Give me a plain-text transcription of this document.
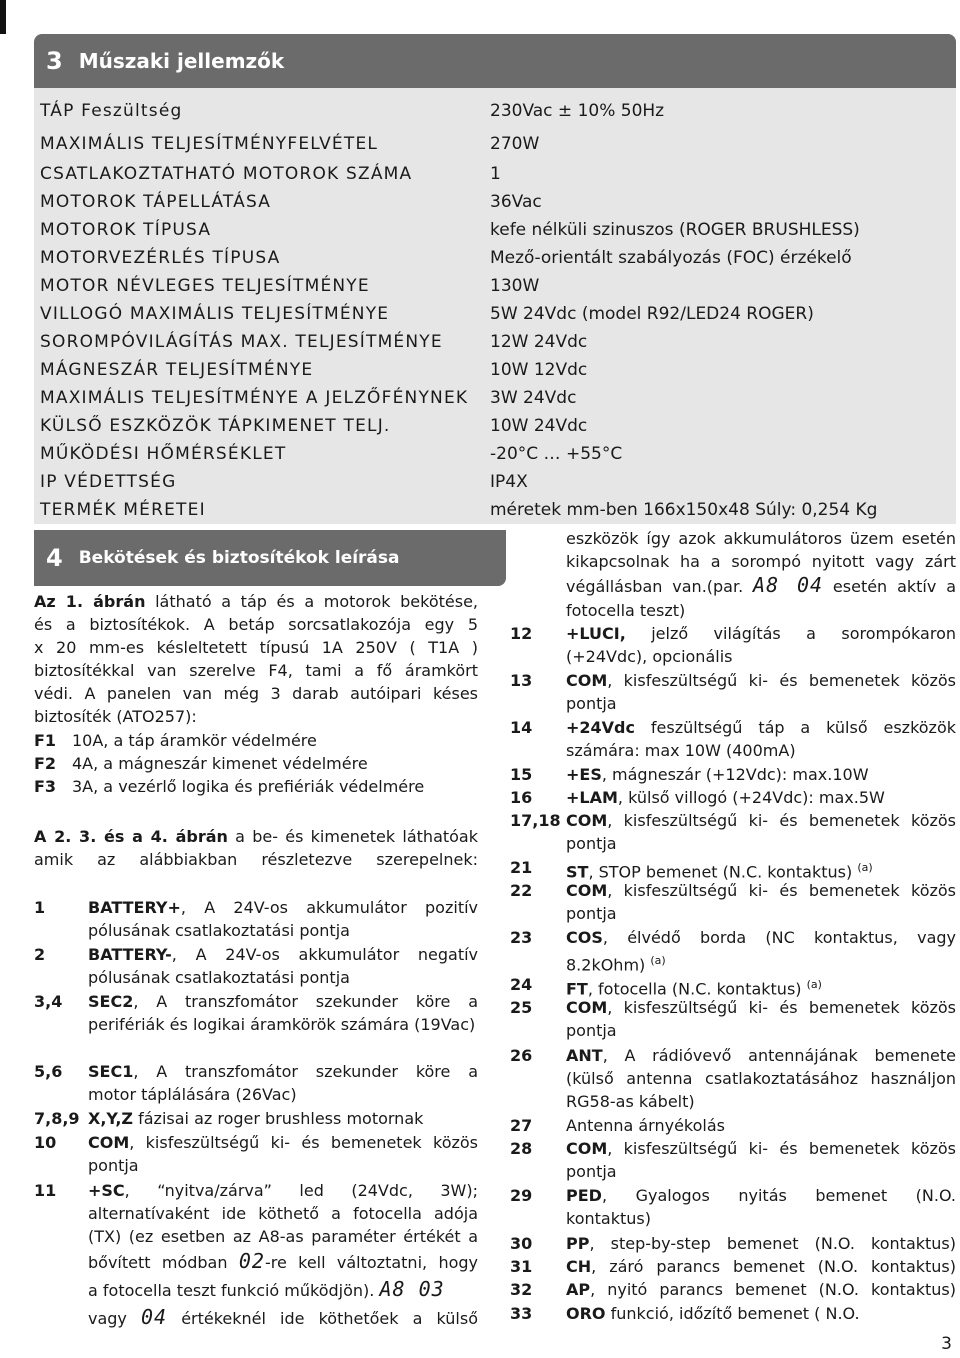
3 Műszaki jellemzők
TÁP Feszültség	230Vac ± 10% 50Hz
MAXIMÁLIS TELJESÍTMÉNYFELVÉTEL	270W
CSATLAKOZTATHATÓ MOTOROK SZÁMA	1
MOTOROK TÁPELLÁTÁSA	36Vac
MOTOROK TÍPUSA	kefe nélküli szinuszos (ROGER BRUSHLESS)
MOTORVEZÉRLÉS TÍPUSA	Mező-orientált szabályozás (FOC) érzékelő
MOTOR NÉVLEGES TELJESÍTMÉNYE	130W
VILLOGÓ MAXIMÁLIS TELJESÍTMÉNYE	5W 24Vdc (model R92/LED24 ROGER)
SOROMPÓVILÁGÍTÁS MAX. TELJESÍTMÉNYE	12W 24Vdc
MÁGNESZÁR TELJESÍTMÉNYE	10W 12Vdc
MAXIMÁLIS TELJESÍTMÉNYE A JELZŐFÉNYNEK 3W 24Vdc
KÜLSŐ ESZKÖZÖK TÁPKIMENET TELJ.	10W 24Vdc
MŰKÖDÉSI HŐMÉRSÉKLET	-20°C … +55°C
IP VÉDETTSÉG	IP4X
TERMÉK MÉRETEI	méretek mm-ben 166x150x48 Súly: 0,254 Kg
4 Bekötések és biztosítékok leírása
Az 1. ábrán látható a táp és a motorok bekötése,
és a biztosítékok. A betáp sorcsatlakozója egy 5
x 20 mm-es késleltetett típusú 1A 250V ( T1A )
biztosítékkal van szerelve F4, tami a fő áramkört
védi. A panelen van még 3 darab autóipari késes
biztosíték (ATO257):
F1 10A, a táp áramkör védelmére
F2 4A, a mágneszár kimenet védelmére
F3 3A, a vezérlő logika és prefiériák védelmére
A 2. 3. és a 4. ábrán a be- és kimenetek láthatóak
amik az alábbiakban részletezve szerepelnek:
1	BATTERY+, A 24V-os akkumulátor pozitív
pólusának csatlakoztatási pontja
2	BATTERY-, A 24V-os akkumulátor negatív
pólusának csatlakoztatási pontja
3,4 SEC2, A transzfomátor szekunder köre a
perifériák és logikai áramkörök számára (19Vac)
5,6 SEC1, A transzfomátor szekunder köre a
motor táplálására (26Vac)
7,8,9 X,Y,Z fázisai az roger brushless motornak
10 COM, kisfeszültségű ki- és bemenetek közös
pontja
11 +SC, “nyitva/zárva” led (24Vdc, 3W);
alternatívaként ide köthető a fotocella adója
(TX) (ez esetben az A8-as paraméter értékét a
bővített módban 02-re kell változtatni, hogy
a fotocella teszt funkció működjön). A8 03
vagy 04 értékeknél ide köthetőek a külső
eszközök így azok akkumulátoros üzem esetén
kikapcsolnak ha a sorompó nyitott vagy zárt
végállásban van.(par. A8 04 esetén aktív a
fotocella teszt)
12 +LUCI, jelző világítás a sorompókaron
(+24Vdc), opcionális
13 COM, kisfeszültségű ki- és bemenetek közös
pontja
14 +24Vdc feszültségű táp a külső eszközök
számára: max 10W (400mA)
15 +ES, mágneszár (+12Vdc): max.10W
16 +LAM, külső villogó (+24Vdc): max.5W
17,18 COM, kisfeszültségű ki- és bemenetek közös
pontja
21 ST, STOP bemenet (N.C. kontaktus) $^{(a)}$
22 COM, kisfeszültségű ki- és bemenetek közös
pontja
23 COS, élvédő borda (NC kontaktus, vagy
8.2kOhm) $^{(a)}$
24 FT, fotocella (N.C. kontaktus) $^{(a)}$
25 COM, kisfeszültségű ki- és bemenetek közös
pontja
26 ANT, A rádióvevő antennájának bemenete
(külső antenna csatlakoztatásához használjon RG58-as kábelt)
27 Antenna árnyékolás
28 COM, kisfeszültségű ki- és bemenetek közös
pontja
29 PED, Gyalogos nyitás bemenet (N.O.
kontaktus)
30 PP, step-by-step bemenet (N.O. kontaktus)
31 CH, záró parancs bemenet (N.O. kontaktus)
32 AP, nyitó parancs bemenet (N.O. kontaktus)
33 ORO funkció, időzítő bemenet ( N.O.
3
